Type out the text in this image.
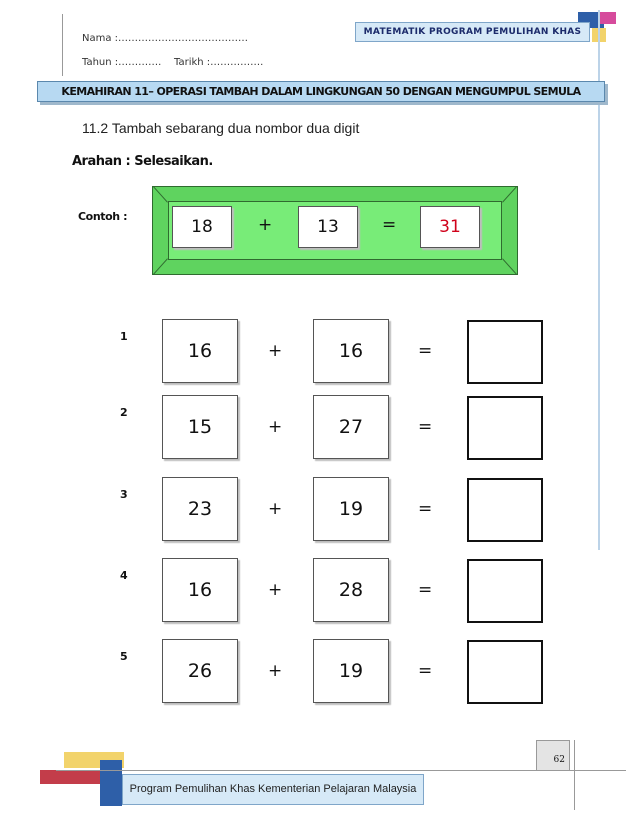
Nama :…………………………………
Tahun :…………. Tarikh :…………….
MATEMATIK PROGRAM PEMULIHAN KHAS
KEMAHIRAN 11– OPERASI TAMBAH DALAM LINGKUNGAN 50 DENGAN MENGUMPUL SEMULA
11.2 Tambah sebarang dua nombor dua digit
Arahan : Selesaikan.
Contoh :
18	+	13	=	31
1
16	+	16	=
2
15	+	27	=
3
23	+	19	=
4
16	+	28	=
5
26	+	19	=
62
Program Pemulihan Khas Kementerian Pelajaran Malaysia
